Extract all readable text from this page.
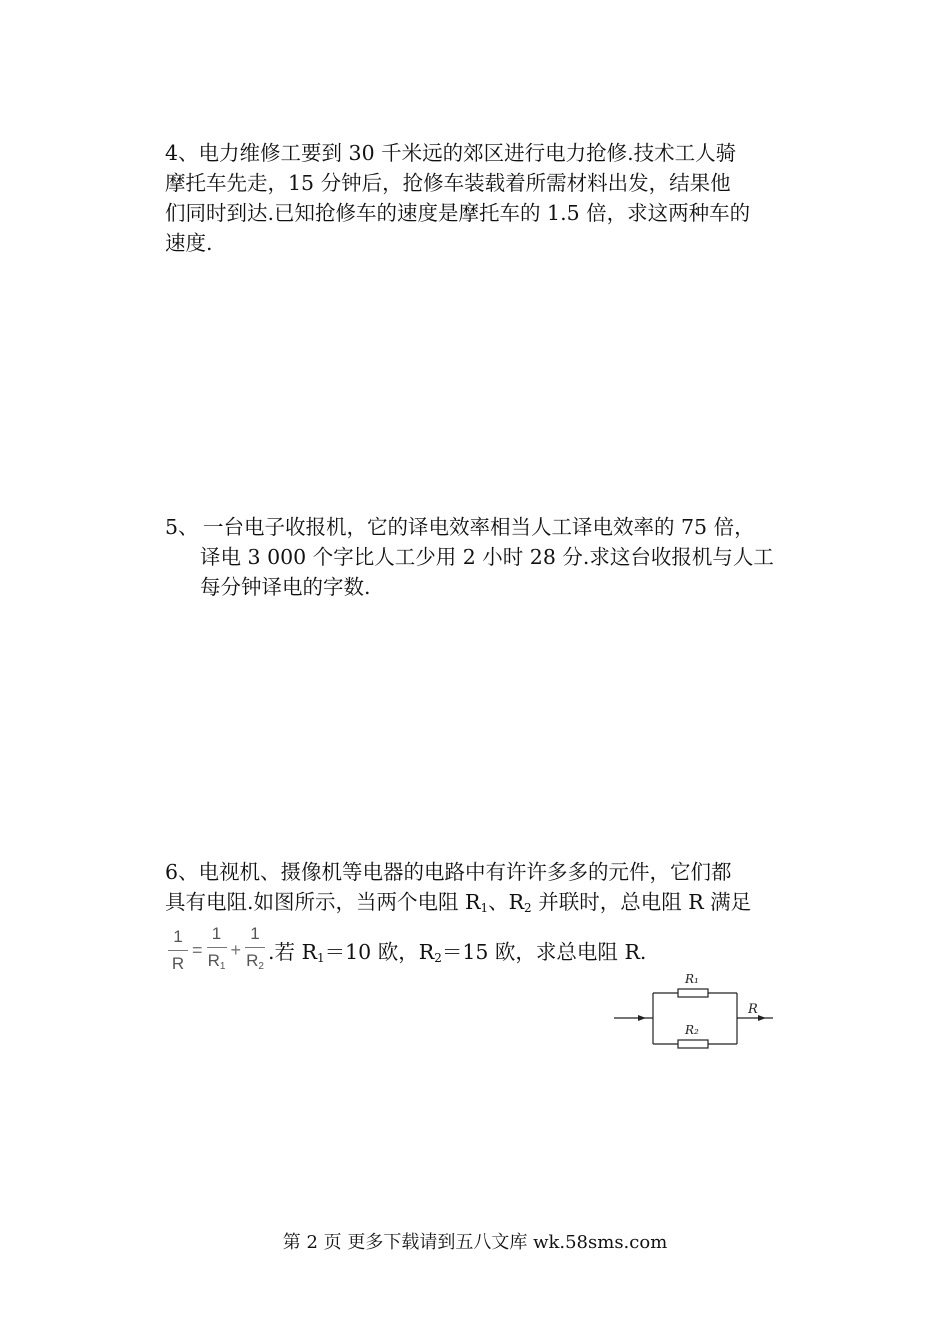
4、电力维修工要到 30 千米远的郊区进行电力抢修.技术工人骑
摩托车先走，15 分钟后，抢修车装载着所需材料出发，结果他
们同时到达.已知抢修车的速度是摩托车的 1.5 倍，求这两种车的
速度.
5、 一台电子收报机，它的译电效率相当人工译电效率的 75 倍，
译电 3 000 个字比人工少用 2 小时 28 分.求这台收报机与人工
每分钟译电的字数.
6、电视机、摄像机等电器的电路中有许许多多的元件，它们都
具有电阻.如图所示，当两个电阻 $R_1$、$R_2$ 并联时，总电阻 R 满足
$\frac{1}{R} = \frac{1}{R_1} + \frac{1}{R_2}$ .若 $R_1=10$ 欧，$R_2=15$ 欧，求总电阻 R.
R₁
R₂
R
第 2 页 更多下载请到五八文库 wk.58sms.com
